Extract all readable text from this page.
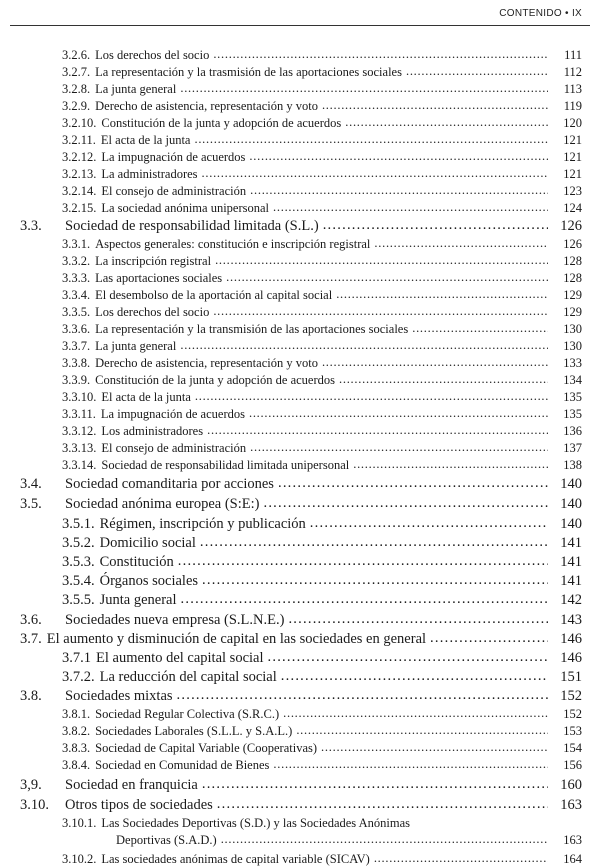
CONTENIDO • IX
3.2.6. Los derechos del socio . . .	111
3.2.7. La representación y la trasmisión de las aportaciones sociales . . .	112
3.2.8. La junta general . . .	113
3.2.9. Derecho de asistencia, representación y voto . . .	119
3.2.10. Constitución de la junta y adopción de acuerdos . . .	120
3.2.11. El acta de la junta . . .	121
3.2.12. La impugnación de acuerdos . . .	121
3.2.13. La administradores . . .	121
3.2.14. El consejo de administración . . .	123
3.2.15. La sociedad anónima unipersonal . . .	124
3.3.	Sociedad de responsabilidad limitada (S.L.) . . .	126
3.3.1. Aspectos generales: constitución e inscripción registral . . .	126
3.3.2. La inscripción registral . . .	128
3.3.3. Las aportaciones sociales . . .	128
3.3.4. El desembolso de la aportación al capital social . . .	129
3.3.5. Los derechos del socio . . .	129
3.3.6. La representación y la transmisión de las aportaciones sociales . . .	130
3.3.7. La junta general . . .	130
3.3.8. Derecho de asistencia, representación y voto . . .	133
3.3.9. Constitución de la junta y adopción de acuerdos . . .	134
3.3.10. El acta de la junta . . .	135
3.3.11. La impugnación de acuerdos . . .	135
3.3.12. Los administradores . . .	136
3.3.13. El consejo de administración . . .	137
3.3.14. Sociedad de responsabilidad limitada unipersonal . . .	138
3.4.	Sociedad comanditaria por acciones . . .	140
3.5.	Sociedad anónima europea (S:E:) . . .	140
3.5.1. Régimen, inscripción y publicación . . .	140
3.5.2. Domicilio social . . .	141
3.5.3. Constitución . . .	141
3.5.4. Órganos sociales . . .	141
3.5.5. Junta general . . .	142
3.6.	Sociedades nueva empresa (S.L.N.E.) . . .	143
3.7. El aumento y disminución de capital en las sociedades en general . . .	146
3.7.1 El aumento del capital social . . .	146
3.7.2. La reducción del capital social . . .	151
3.8.	Sociedades mixtas . . .	152
3.8.1. Sociedad Regular Colectiva (S.R.C.) . . .	152
3.8.2. Sociedades Laborales (S.L.L. y S.A.L.) . . .	153
3.8.3. Sociedad de Capital Variable (Cooperativas) . . .	154
3.8.4. Sociedad en Comunidad de Bienes . . .	156
3,9.	Sociedad en franquicia . . .	160
3.10.	Otros tipos de sociedades . . .	163
3.10.1. Las Sociedades Deportivas (S.D.) y las Sociedades Anónimas
Deportivas (S.A.D.) . . .	163
3.10.2. Las sociedades anónimas de capital variable (SICAV) . . .	164
